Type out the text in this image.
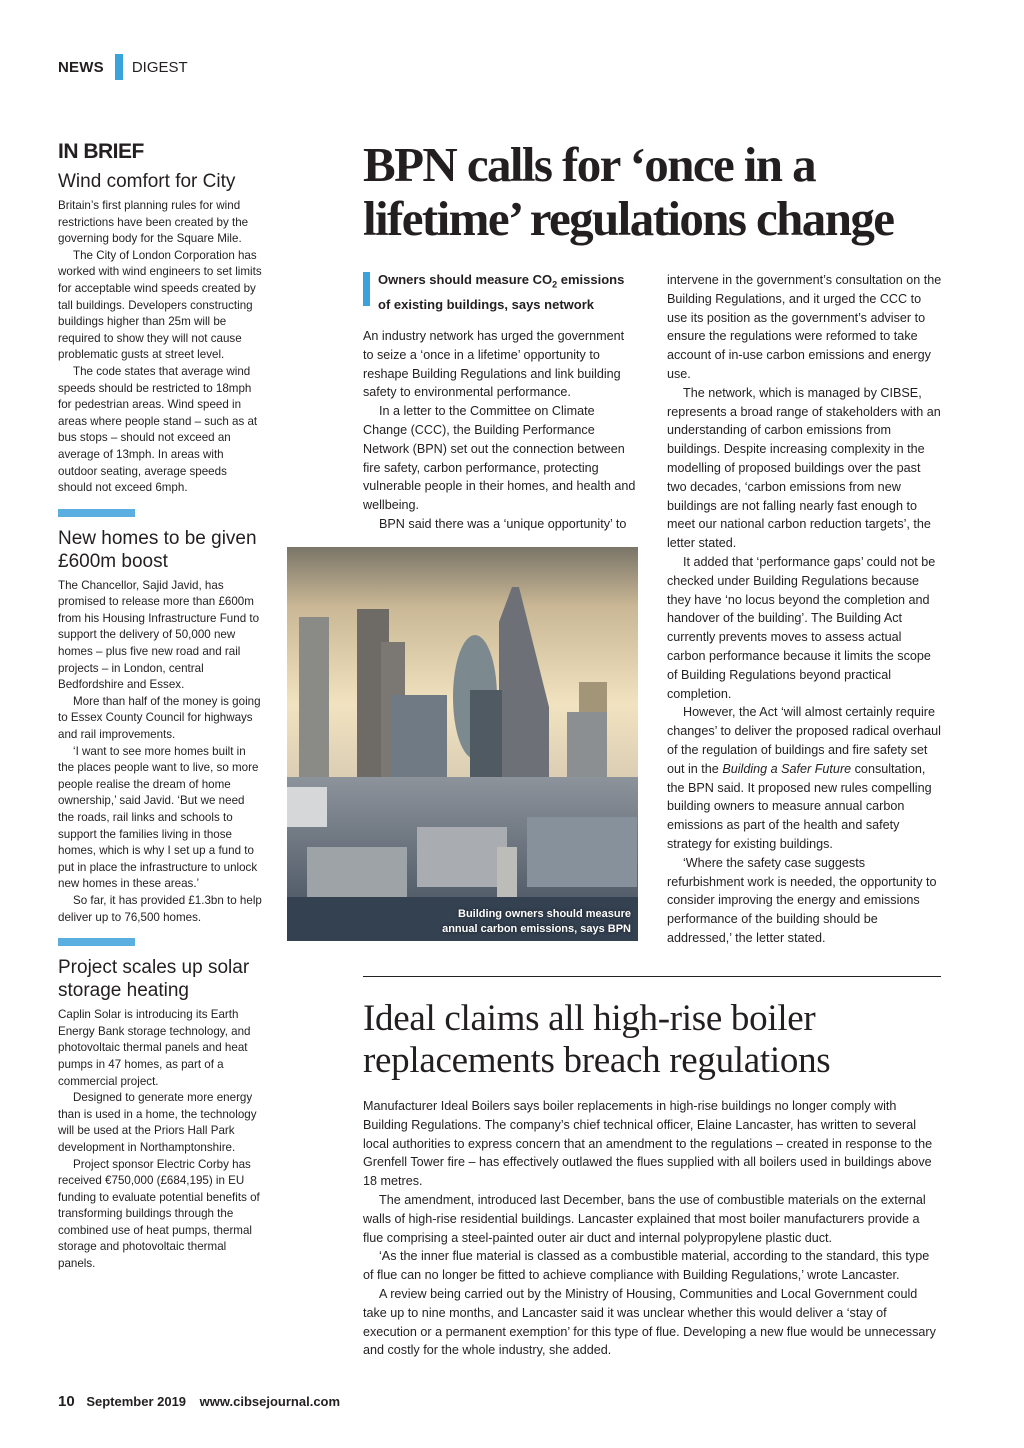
NEWS DIGEST
IN BRIEF
Wind comfort for City

Britain’s first planning rules for wind restrictions have been created by the governing body for the Square Mile.

The City of London Corporation has worked with wind engineers to set limits for acceptable wind speeds created by tall buildings. Developers constructing buildings higher than 25m will be required to show they will not cause problematic gusts at street level.

The code states that average wind speeds should be restricted to 18mph for pedestrian areas. Wind speed in areas where people stand – such as at bus stops – should not exceed an average of 13mph. In areas with outdoor seating, average speeds should not exceed 6mph.

New homes to be given £600m boost

The Chancellor, Sajid Javid, has promised to release more than £600m from his Housing Infrastructure Fund to support the delivery of 50,000 new homes – plus five new road and rail projects – in London, central Bedfordshire and Essex.

More than half of the money is going to Essex County Council for highways and rail improvements.

‘I want to see more homes built in the places people want to live, so more people realise the dream of home ownership,’ said Javid. ‘But we need the roads, rail links and schools to support the families living in those homes, which is why I set up a fund to put in place the infrastructure to unlock new homes in these areas.’

So far, it has provided £1.3bn to help deliver up to 76,500 homes.

Project scales up solar storage heating

Caplin Solar is introducing its Earth Energy Bank storage technology, and photovoltaic thermal panels and heat pumps in 47 homes, as part of a commercial project.

Designed to generate more energy than is used in a home, the technology will be used at the Priors Hall Park development in Northamptonshire.

Project sponsor Electric Corby has received €750,000 (£684,195) in EU funding to evaluate potential benefits of transforming buildings through the combined use of heat pumps, thermal storage and photovoltaic thermal panels.

BPN calls for ‘once in a lifetime’ regulations change
Owners should measure $CO_2$ emissions of existing buildings, says network

An industry network has urged the government to seize a ‘once in a lifetime’ opportunity to reshape Building Regulations and link building safety to environmental performance.

In a letter to the Committee on Climate Change (CCC), the Building Performance Network (BPN) set out the connection between fire safety, carbon performance, protecting vulnerable people in their homes, and health and wellbeing.

BPN said there was a ‘unique opportunity’ to

Building owners should measure annual carbon emissions, says BPN

intervene in the government’s consultation on the Building Regulations, and it urged the CCC to use its position as the government’s adviser to ensure the regulations were reformed to take account of in-use carbon emissions and energy use.

The network, which is managed by CIBSE, represents a broad range of stakeholders with an understanding of carbon emissions from buildings. Despite increasing complexity in the modelling of proposed buildings over the past two decades, ‘carbon emissions from new buildings are not falling nearly fast enough to meet our national carbon reduction targets’, the letter stated.

It added that ‘performance gaps’ could not be checked under Building Regulations because they have ‘no locus beyond the completion and handover of the building’. The Building Act currently prevents moves to assess actual carbon performance because it limits the scope of Building Regulations beyond practical completion.

However, the Act ‘will almost certainly require changes’ to deliver the proposed radical overhaul of the regulation of buildings and fire safety set out in the Building a Safer Future consultation, the BPN said. It proposed new rules compelling building owners to measure annual carbon emissions as part of the health and safety strategy for existing buildings.

‘Where the safety case suggests refurbishment work is needed, the opportunity to consider improving the energy and emissions performance of the building should be addressed,’ the letter stated.

Ideal claims all high-rise boiler replacements breach regulations

Manufacturer Ideal Boilers says boiler replacements in high-rise buildings no longer comply with Building Regulations. The company’s chief technical officer, Elaine Lancaster, has written to several local authorities to express concern that an amendment to the regulations – created in response to the Grenfell Tower fire – has effectively outlawed the flues supplied with all boilers used in buildings above 18 metres.

The amendment, introduced last December, bans the use of combustible materials on the external walls of high-rise residential buildings. Lancaster explained that most boiler manufacturers provide a flue comprising a steel-painted outer air duct and internal polypropylene plastic duct.

‘As the inner flue material is classed as a combustible material, according to the standard, this type of flue can no longer be fitted to achieve compliance with Building Regulations,’ wrote Lancaster.

A review being carried out by the Ministry of Housing, Communities and Local Government could take up to nine months, and Lancaster said it was unclear whether this would deliver a ‘stay of execution or a permanent exemption’ for this type of flue. Developing a new flue would be unnecessary and costly for the whole industry, she added.

10 September 2019 www.cibsejournal.com
